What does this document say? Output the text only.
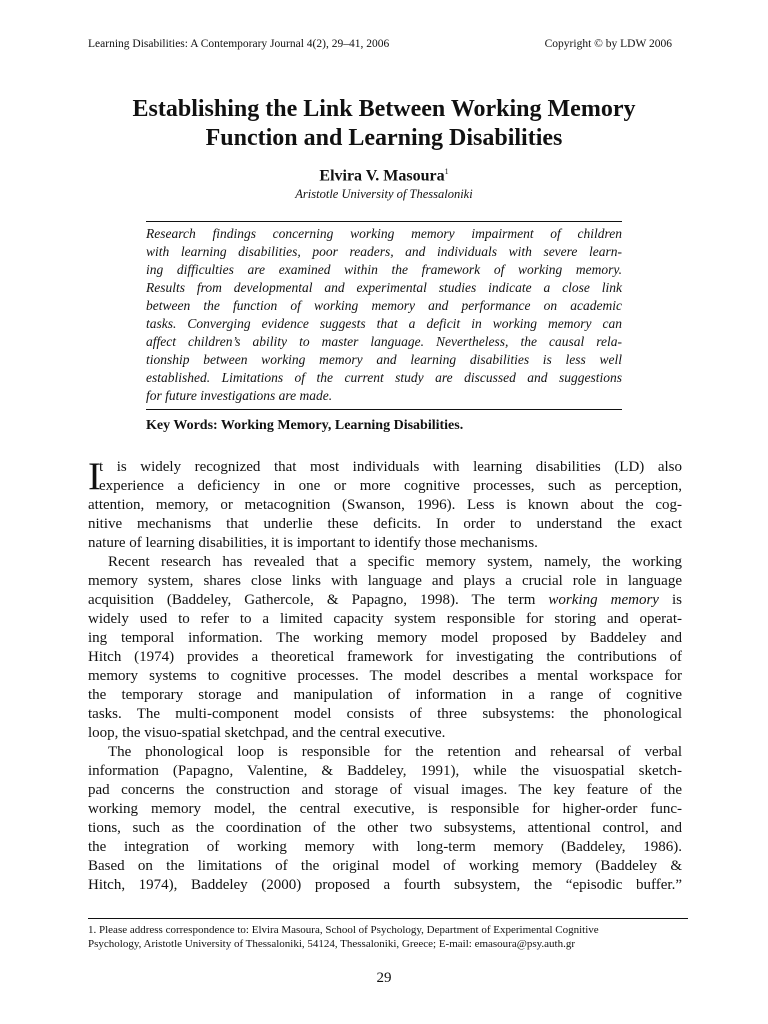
Learning Disabilities: A Contemporary Journal 4(2), 29–41, 2006	Copyright © by LDW 2006
Establishing the Link Between Working Memory
Function and Learning Disabilities
Elvira V. Masoura$^1$
Aristotle University of Thessaloniki
Research findings concerning working memory impairment of children
with learning disabilities, poor readers, and individuals with severe learn-
ing difficulties are examined within the framework of working memory.
Results from developmental and experimental studies indicate a close link
between the function of working memory and performance on academic
tasks. Converging evidence suggests that a deficit in working memory can
affect children’s ability to master language. Nevertheless, the causal rela-
tionship between working memory and learning disabilities is less well
established. Limitations of the current study are discussed and suggestions
for future investigations are made.
Key Words: Working Memory, Learning Disabilities.
I
t is widely recognized that most individuals with learning disabilities (LD) also
experience a deficiency in one or more cognitive processes, such as perception,
attention, memory, or metacognition (Swanson, 1996). Less is known about the cog-
nitive mechanisms that underlie these deficits. In order to understand the exact
nature of learning disabilities, it is important to identify those mechanisms.
Recent research has revealed that a specific memory system, namely, the working
memory system, shares close links with language and plays a crucial role in language
acquisition (Baddeley, Gathercole, & Papagno, 1998). The term working memory is
widely used to refer to a limited capacity system responsible for storing and operat-
ing temporal information. The working memory model proposed by Baddeley and
Hitch (1974) provides a theoretical framework for investigating the contributions of
memory systems to cognitive processes. The model describes a mental workspace for
the temporary storage and manipulation of information in a range of cognitive
tasks. The multi-component model consists of three subsystems: the phonological
loop, the visuo-spatial sketchpad, and the central executive.
The phonological loop is responsible for the retention and rehearsal of verbal
information (Papagno, Valentine, & Baddeley, 1991), while the visuospatial sketch-
pad concerns the construction and storage of visual images. The key feature of the
working memory model, the central executive, is responsible for higher-order func-
tions, such as the coordination of the other two subsystems, attentional control, and
the integration of working memory with long-term memory (Baddeley, 1986).
Based on the limitations of the original model of working memory (Baddeley &
Hitch, 1974), Baddeley (2000) proposed a fourth subsystem, the “episodic buffer.”
1. Please address correspondence to: Elvira Masoura, School of Psychology, Department of Experimental Cognitive
Psychology, Aristotle University of Thessaloniki, 54124, Thessaloniki, Greece; E-mail: emasoura@psy.auth.gr
29
